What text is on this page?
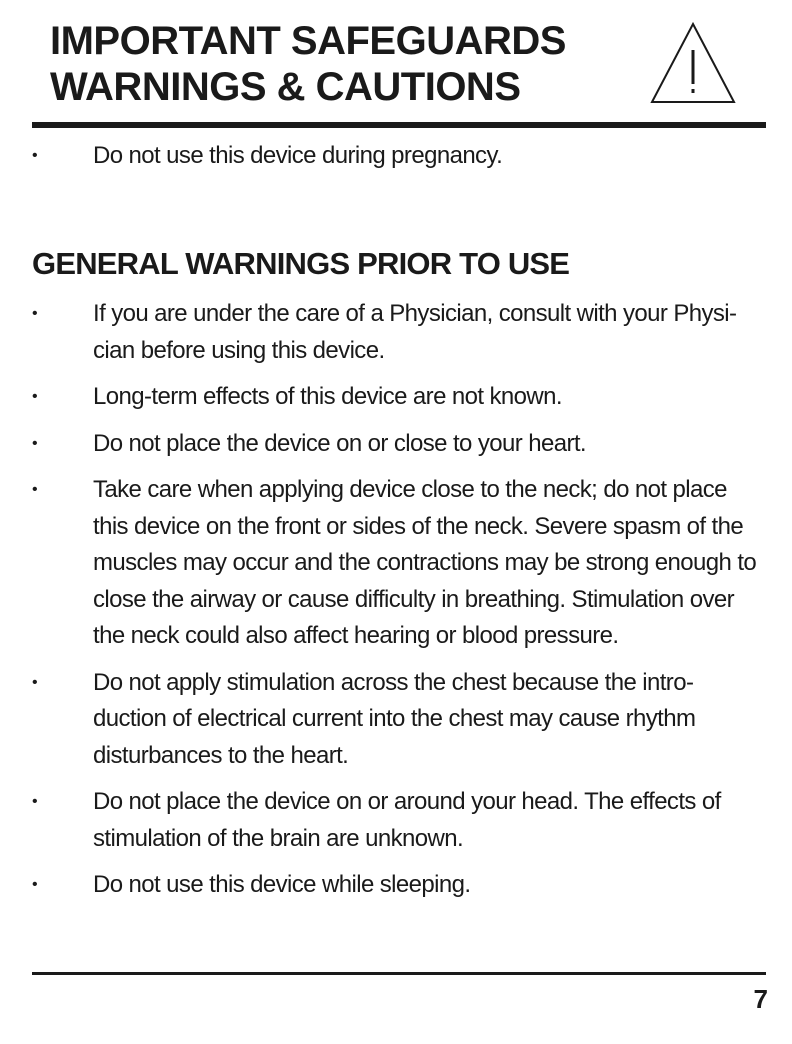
IMPORTANT SAFEGUARDS
WARNINGS & CAUTIONS
• Do not use this device during pregnancy.
GENERAL WARNINGS PRIOR TO USE
• If you are under the care of a Physician, consult with your Physi-cian before using this device.
• Long-term effects of this device are not known.
• Do not place the device on or close to your heart.
• Take care when applying device close to the neck; do not place this device on the front or sides of the neck. Severe spasm of the muscles may occur and the contractions may be strong enough to close the airway or cause difficulty in breathing. Stimulation over the neck could also affect hearing or blood pressure.
• Do not apply stimulation across the chest because the intro-duction of electrical current into the chest may cause rhythm disturbances to the heart.
• Do not place the device on or around your head. The effects of stimulation of the brain are unknown.
• Do not use this device while sleeping.
7
